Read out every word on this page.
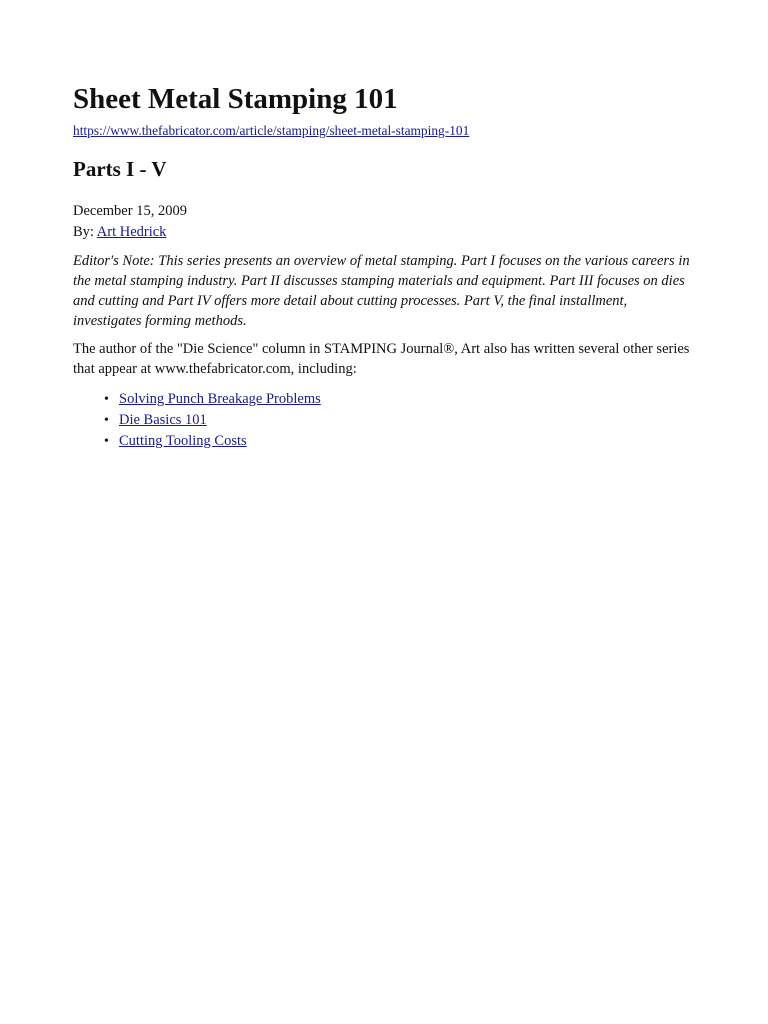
Sheet Metal Stamping 101
https://www.thefabricator.com/article/stamping/sheet-metal-stamping-101
Parts I - V
December 15, 2009
By: Art Hedrick

Editor's Note: This series presents an overview of metal stamping. Part I focuses on the various careers in the metal stamping industry. Part II discusses stamping materials and equipment. Part III focuses on dies and cutting and Part IV offers more detail about cutting processes. Part V, the final installment, investigates forming methods.

The author of the "Die Science" column in STAMPING Journal®, Art also has written several other series that appear at www.thefabricator.com, including:

• Solving Punch Breakage Problems
• Die Basics 101
• Cutting Tooling Costs
